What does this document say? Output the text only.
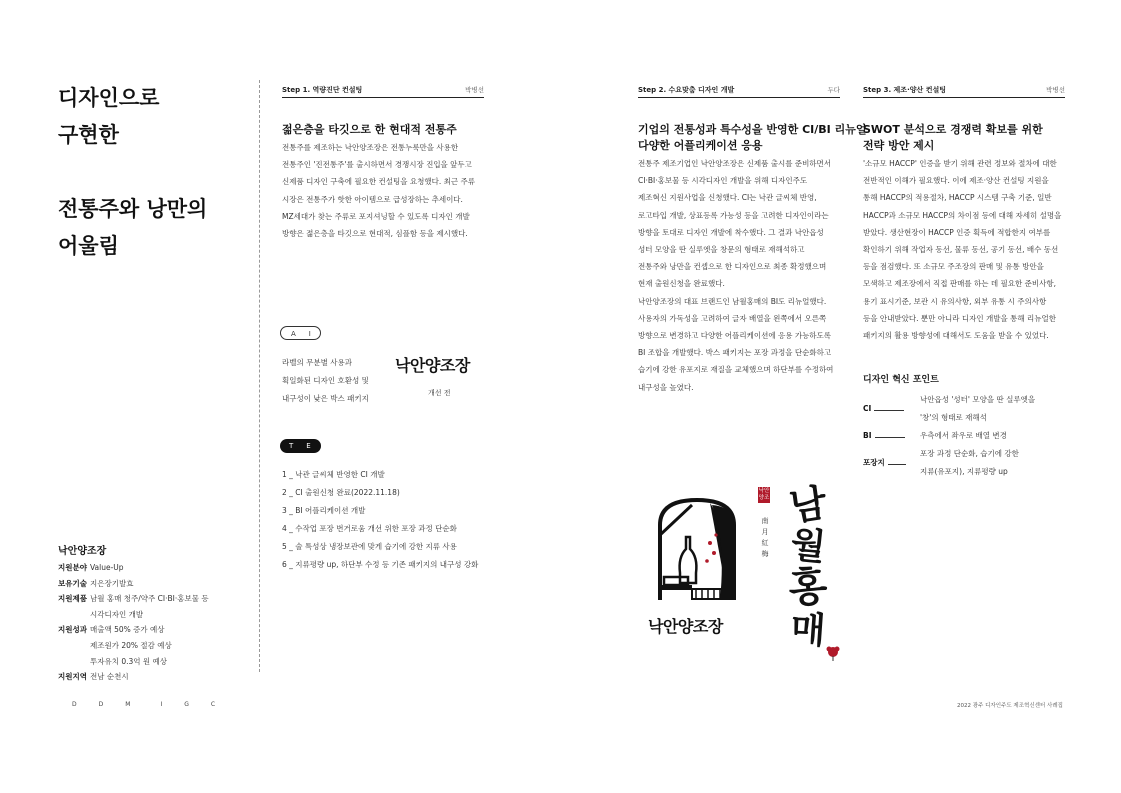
디자인으로
구현한
전통주와 낭만의
어울림
낙안양조장
지원분야 Value-Up
보유기술 지은장기발효
지원제품 남월 홍매 청주/약주 CI·BI·홍보물 등
시각디자인 개발
지원성과 매출액 50% 증가 예상
제조원가 20% 절감 예상
투자유치 0.3억 원 예상
지원지역 전남 순천시
Step 1. 역량진단 컨설팅	박병선
젊은층을 타깃으로 한 현대적 전통주
전통주를 제조하는 낙안양조장은 전통누룩만을 사용한
전통주인 '진전통주'를 출시하면서 경쟁시장 진입을 앞두고
신제품 디자인 구축에 필요한 컨설팅을 요청했다. 최근 주류
시장은 전통주가 핫한 아이템으로 급성장하는 추세이다.
MZ세대가 찾는 주류로 포지셔닝할 수 있도록 디자인 개발
방향은 젊은층을 타깃으로 현대적, 심플함 등을 제시했다.
A I
라벨의 무분별 사용과
획일화된 디자인 호환성 및
내구성이 낮은 박스 패키지
낙안양조장
개선 전
T E
1 _ 낙관 글씨체 반영한 CI 개발
2 _ CI 출원신청 완료(2022.11.18)
3 _ BI 어플리케이션 개발
4 _ 수작업 포장 번거로움 개선 위한 포장 과정 단순화
5 _ 술 특성상 냉장보관에 맞게 습기에 강한 지류 사용
6 _ 지류평량 up, 하단부 수정 등 기존 패키지의 내구성 강화
Step 2. 수요맞춤 디자인 개발	두다
기업의 전통성과 특수성을 반영한 CI/BI 리뉴얼
다양한 어플리케이션 응용
전통주 제조기업인 낙안양조장은 신제품 출시를 준비하면서
CI·BI·홍보물 등 시각디자인 개발을 위해 디자인주도
제조혁신 지원사업을 신청했다. CI는 낙관 글씨체 반영,
로고타입 개발, 상표등록 가능성 등을 고려한 디자인이라는
방향을 토대로 디자인 개발에 착수했다. 그 결과 낙안읍성
성터 모양을 딴 실루엣을 창문의 형태로 재해석하고
전통주와 낭만을 컨셉으로 한 디자인으로 최종 확정했으며
현재 출원신청을 완료했다.
낙안양조장의 대표 브랜드인 남월홍매의 BI도 리뉴얼했다.
사용자의 가독성을 고려하여 글자 배열을 왼쪽에서 오른쪽
방향으로 변경하고 다양한 어플리케이션에 응용 가능하도록
BI 조합을 개발했다. 박스 패키지는 포장 과정을 단순화하고
습기에 강한 유포지로 재질을 교체했으며 하단부를 수정하여
내구성을 높였다.
낙안양조장
낙안양조
南
月
紅
梅
남
월
홍
매
Step 3. 제조·양산 컨설팅	박병선
SWOT 분석으로 경쟁력 확보를 위한
전략 방안 제시
'소규모 HACCP' 인증을 받기 위해 관련 정보와 절차에 대한
전반적인 이해가 필요했다. 이에 제조·양산 컨설팅 지원을
통해 HACCP의 적용절차, HACCP 시스템 구축 기준, 일반
HACCP과 소규모 HACCP의 차이점 등에 대해 자세히 설명을
받았다. 생산현장이 HACCP 인증 획득에 적합한지 여부를
확인하기 위해 작업자 동선, 물류 동선, 공기 동선, 배수 동선
등을 점검했다. 또 소규모 주조장의 판매 및 유통 방안을
모색하고 제조장에서 직접 판매를 하는 데 필요한 준비사항,
용기 표시기준, 보관 시 유의사항, 외부 유통 시 주의사항
등을 안내받았다. 뿐만 아니라 디자인 개발을 통해 리뉴얼한
패키지의 활용 방향성에 대해서도 도움을 받을 수 있었다.
디자인 혁신 포인트
CI
낙안읍성 '성터' 모양을 딴 실루엣을
'창'의 형태로 재해석
BI	우측에서 좌우로 배열 변경
포장지
포장 과정 단순화, 습기에 강한
지류(유포지), 지류평량 up
D	D	M	I	G	C	2022 광주 디자인주도 제조혁신센터 사례집
